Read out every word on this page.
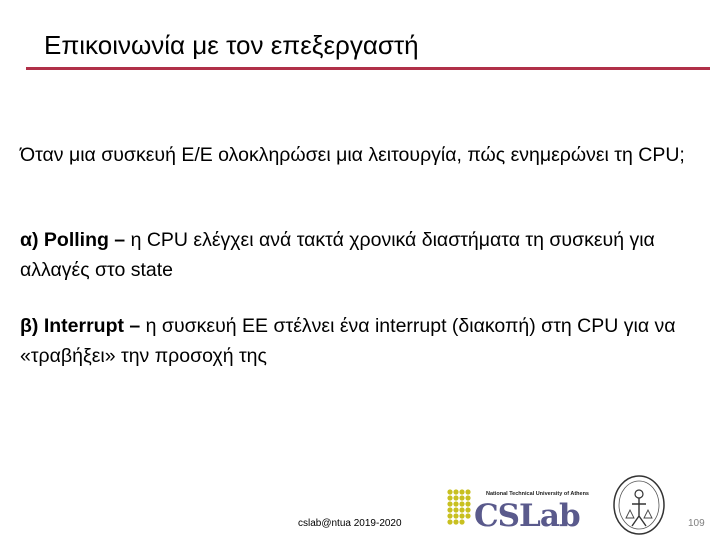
Επικοινωνία με τον επεξεργαστή
Όταν μια συσκευή Ε/Ε ολοκληρώσει μια λειτουργία, πώς ενημερώνει τη CPU;
α) Polling – η CPU ελέγχει ανά τακτά χρονικά διαστήματα τη συσκευή για αλλαγές στο state
β) Interrupt – η συσκευή ΕΕ στέλνει ένα interrupt (διακοπή) στη CPU για να «τραβήξει» την προσοχή της
cslab@ntua 2019-2020
National Technical University of Athens
CSLab	109
